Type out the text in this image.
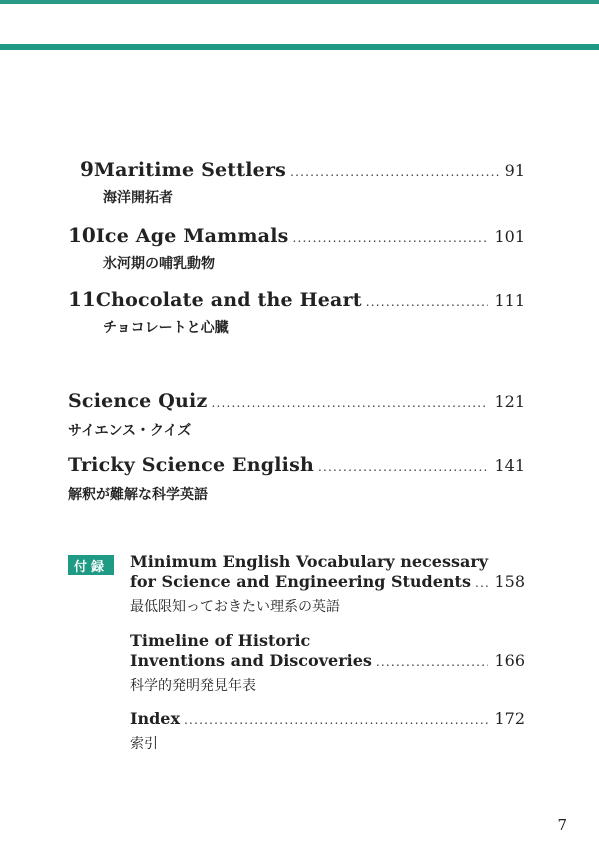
9 Maritime Settlers .....	91
海洋開拓者
10 Ice Age Mammals .....	101
氷河期の哺乳動物
11 Chocolate and the Heart .....	111
チョコレートと心臓
Science Quiz .....	121
サイエンス・クイズ
Tricky Science English .....	141
解釈が難解な科学英語
付録	Minimum English Vocabulary necessary
for Science and Engineering Students ..... 158
最低限知っておきたい理系の英語
Timeline of Historic
Inventions and Discoveries .....	166
科学的発明発見年表
Index .....	172
索引
7
